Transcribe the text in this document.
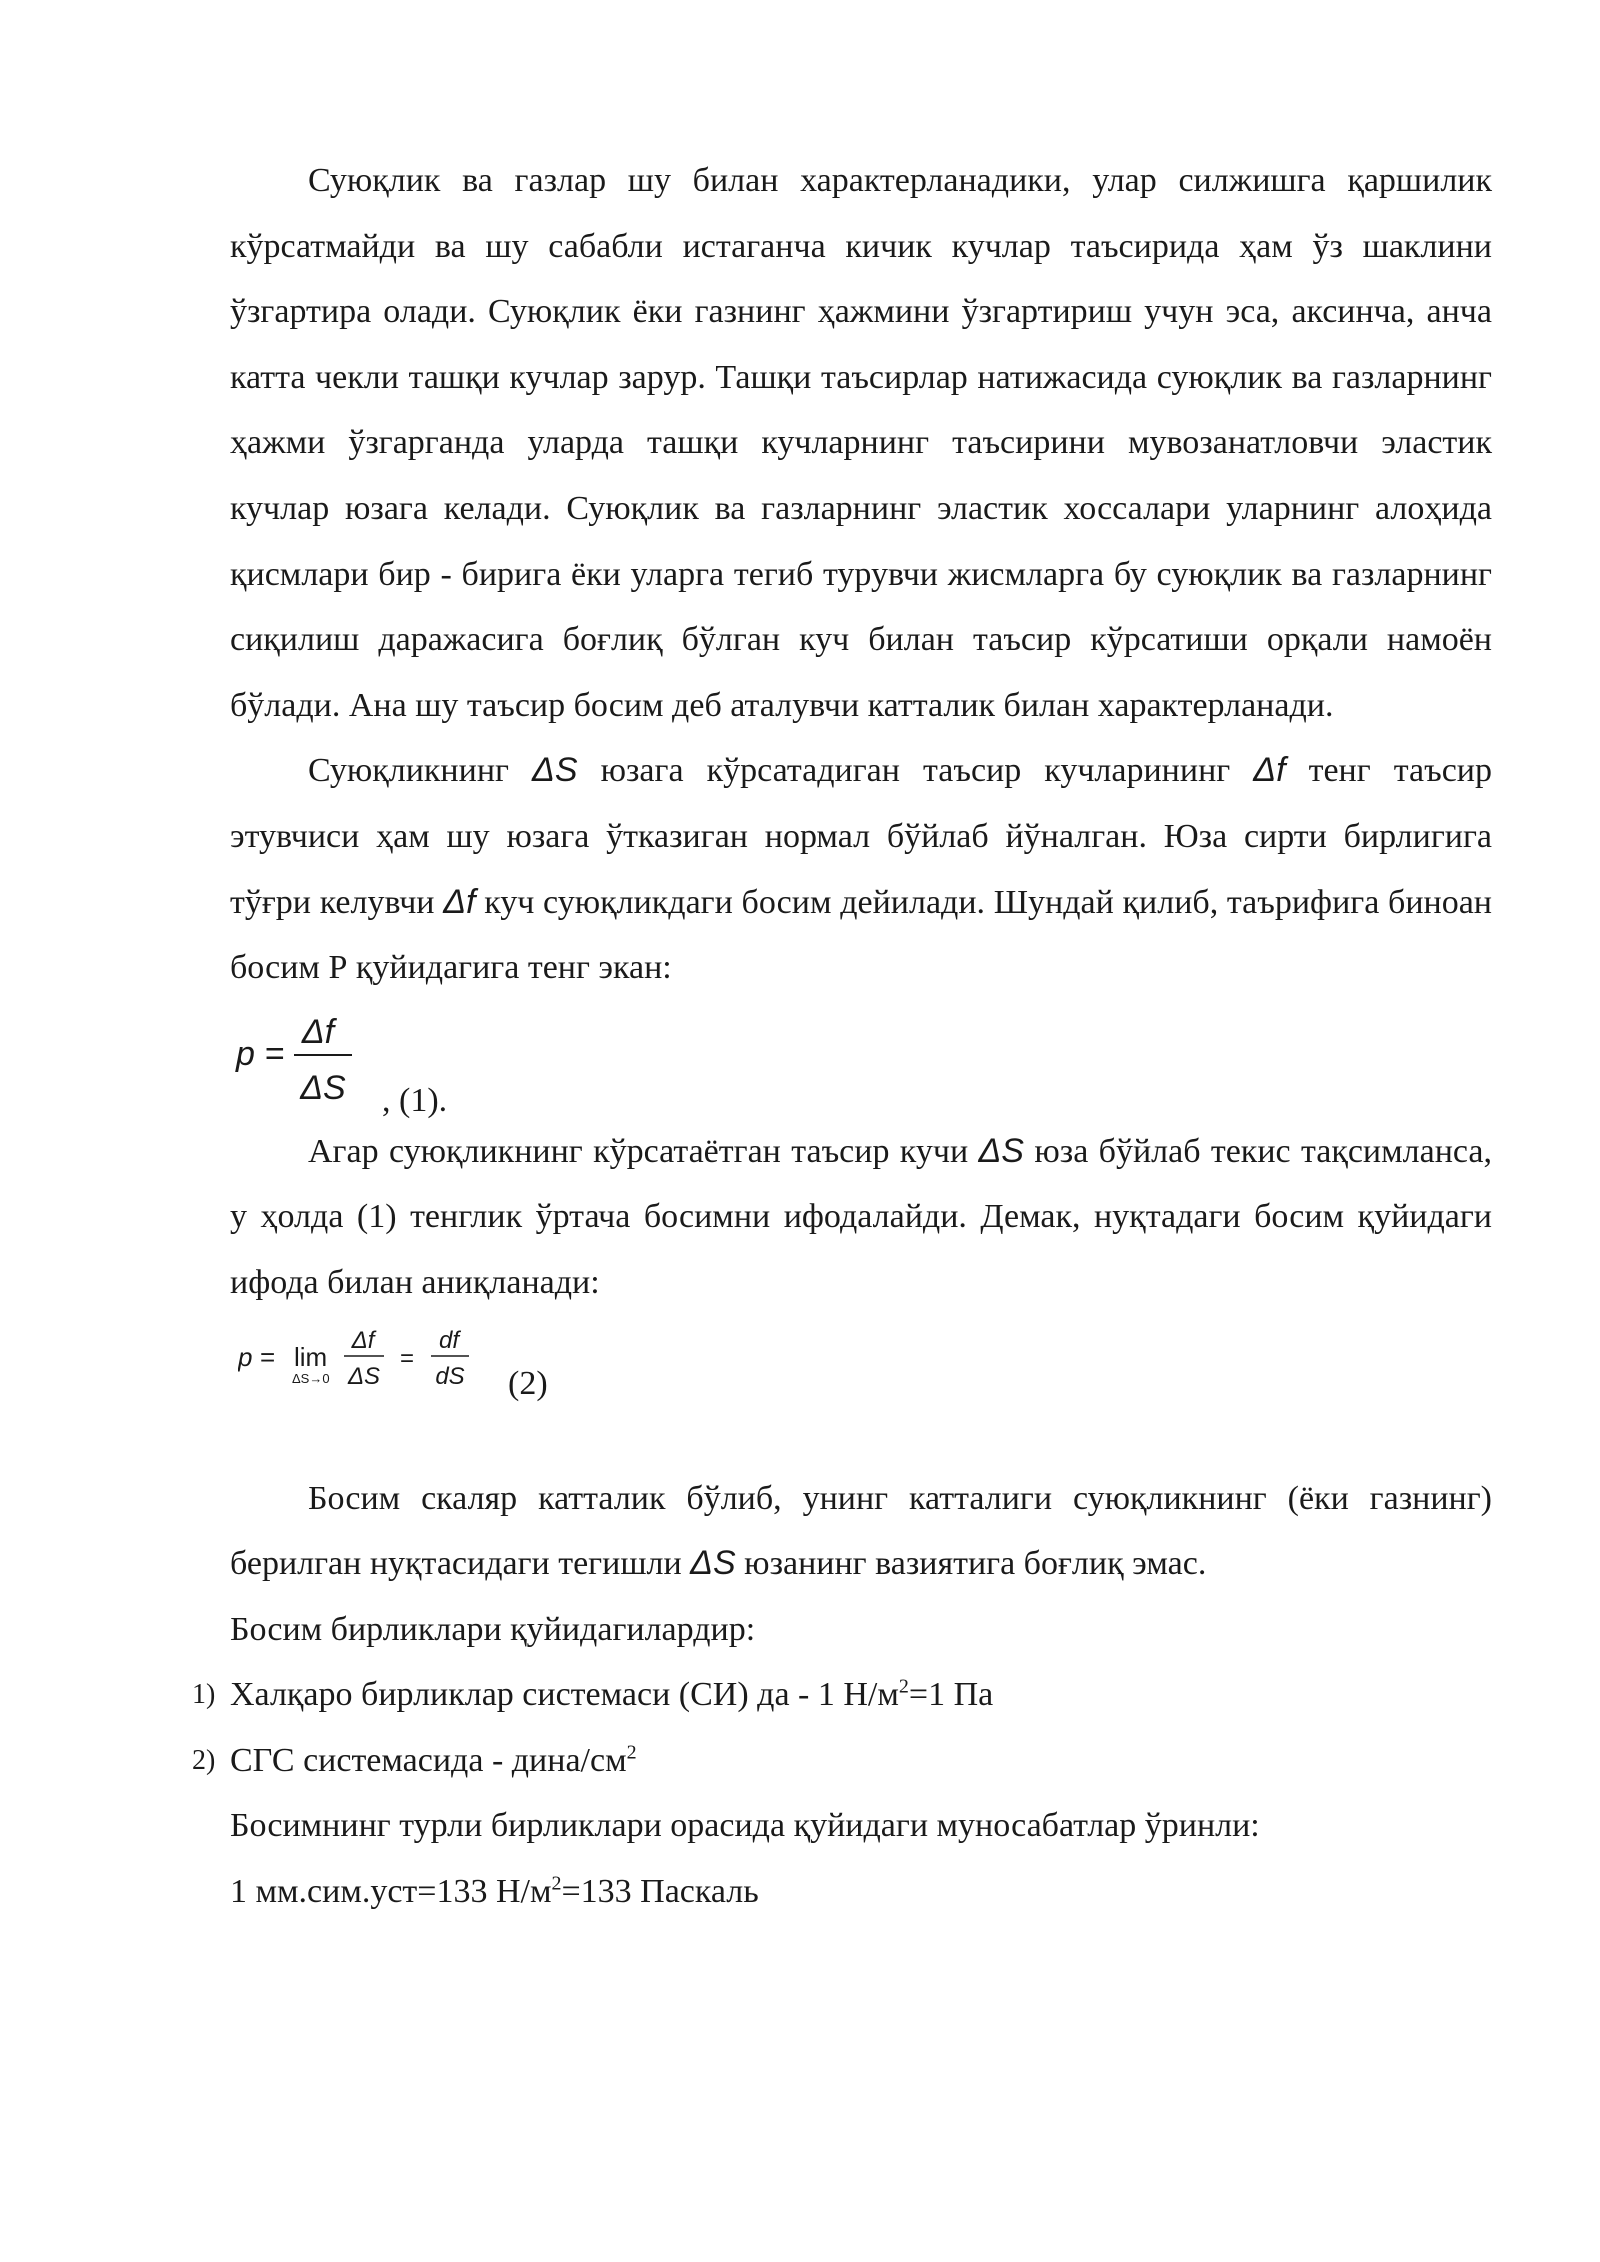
Суюқлик ва газлар шу билан характерланадики, улар силжишга қаршилик кўрсатмайди ва шу сабабли истаганча кичик кучлар таъсирида ҳам ўз шаклини ўзгартира олади. Суюқлик ёки газнинг ҳажмини ўзгартириш учун эса, аксинча, анча катта чекли ташқи кучлар зарур. Ташқи таъсирлар натижасида суюқлик ва газларнинг ҳажми ўзгарганда уларда ташқи кучларнинг таъсирини мувозанатловчи эластик кучлар юзага келади. Суюқлик ва газларнинг эластик хоссалари уларнинг алоҳида қисмлари бир - бирига ёки уларга тегиб турувчи жисмларга бу суюқлик ва газларнинг сиқилиш даражасига боғлиқ бўлган куч билан таъсир кўрсатиши орқали намоён бўлади. Ана шу таъсир босим деб аталувчи катталик билан характерланади.

Суюқликнинг ΔS юзага кўрсатадиган таъсир кучларининг Δf тенг таъсир этувчиси ҳам шу юзага ўтказиган нормал бўйлаб йўналган. Юза сирти бирлигига тўғри келувчи Δf куч суюқликдаги босим дейилади. Шундай қилиб, таърифига биноан босим Р қуйидагига тенг экан:

p =
Δf
ΔS , (1).

Агар суюқликнинг кўрсатаётган таъсир кучи ΔS юза бўйлаб текис тақсимланса, у ҳолда (1) тенглик ўртача босимни ифодалайди. Демак, нуқтадаги босим қуйидаги ифода билан аниқланади:

p = lim
ΔS→0
Δf
ΔS
=
df
dS (2)

Босим скаляр катталик бўлиб, унинг катталиги суюқликнинг (ёки газнинг) берилган нуқтасидаги тегишли ΔS юзанинг вазиятига боғлиқ эмас.

Босим бирликлари қуйидагилардир:

1) Халқаро бирликлар системаси (СИ) да - 1 $Н/м^2=1$ Па

2) СГС системасида - дина/$см^2$

Босимнинг турли бирликлари орасида қуйидаги муносабатлар ўринли:

1 мм.сим.уст=133 $Н/м^2=133$ Паскаль
